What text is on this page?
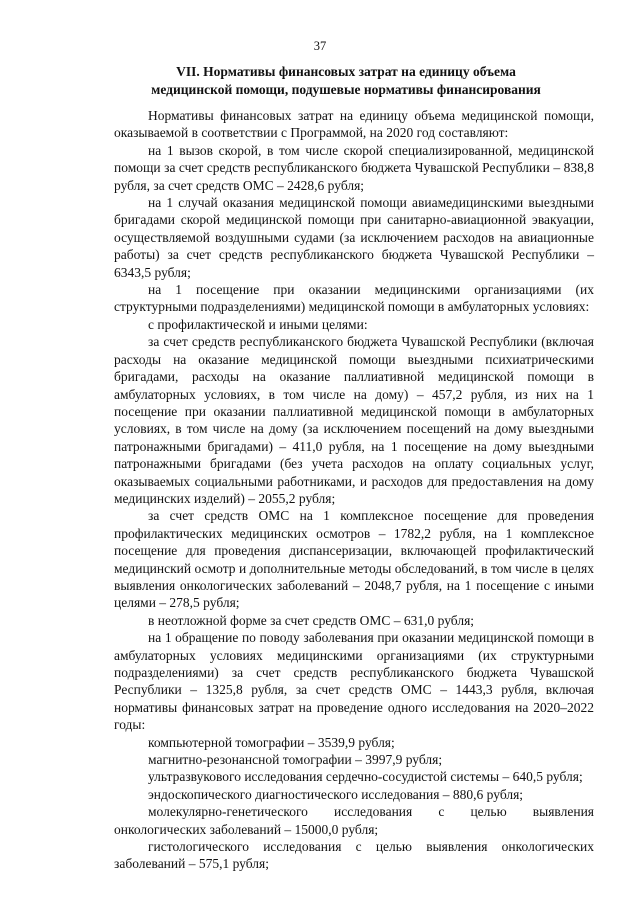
37
VII. Нормативы финансовых затрат на единицу объема
медицинской помощи, подушевые нормативы финансирования

Нормативы финансовых затрат на единицу объема медицинской помощи, оказываемой в соответствии с Программой, на 2020 год составляют:

на 1 вызов скорой, в том числе скорой специализированной, медицинской помощи за счет средств республиканского бюджета Чувашской Республики – 838,8 рубля, за счет средств ОМС – 2428,6 рубля;

на 1 случай оказания медицинской помощи авиамедицинскими выездными бригадами скорой медицинской помощи при санитарно-авиационной эвакуации, осуществляемой воздушными судами (за исключением расходов на авиационные работы) за счет средств республиканского бюджета Чувашской Республики – 6343,5 рубля;

на 1 посещение при оказании медицинскими организациями (их структурными подразделениями) медицинской помощи в амбулаторных условиях:

с профилактической и иными целями:

за счет средств республиканского бюджета Чувашской Республики (включая расходы на оказание медицинской помощи выездными психиатрическими бригадами, расходы на оказание паллиативной медицинской помощи в амбулаторных условиях, в том числе на дому) – 457,2 рубля, из них на 1 посещение при оказании паллиативной медицинской помощи в амбулаторных условиях, в том числе на дому (за исключением посещений на дому выездными патронажными бригадами) – 411,0 рубля, на 1 посещение на дому выездными патронажными бригадами (без учета расходов на оплату социальных услуг, оказываемых социальными работниками, и расходов для предоставления на дому медицинских изделий) – 2055,2 рубля;

за счет средств ОМС на 1 комплексное посещение для проведения профилактических медицинских осмотров – 1782,2 рубля, на 1 комплексное посещение для проведения диспансеризации, включающей профилактический медицинский осмотр и дополнительные методы обследований, в том числе в целях выявления онкологических заболеваний – 2048,7 рубля, на 1 посещение с иными целями – 278,5 рубля;

в неотложной форме за счет средств ОМС – 631,0 рубля;

на 1 обращение по поводу заболевания при оказании медицинской помощи в амбулаторных условиях медицинскими организациями (их структурными подразделениями) за счет средств республиканского бюджета Чувашской Республики – 1325,8 рубля, за счет средств ОМС – 1443,3 рубля, включая нормативы финансовых затрат на проведение одного исследования на 2020–2022 годы:

компьютерной томографии – 3539,9 рубля;

магнитно-резонансной томографии – 3997,9 рубля;

ультразвукового исследования сердечно-сосудистой системы – 640,5 рубля;

эндоскопического диагностического исследования – 880,6 рубля;

молекулярно-генетического исследования с целью выявления онкологических заболеваний – 15000,0 рубля;

гистологического исследования с целью выявления онкологических заболеваний – 575,1 рубля;
